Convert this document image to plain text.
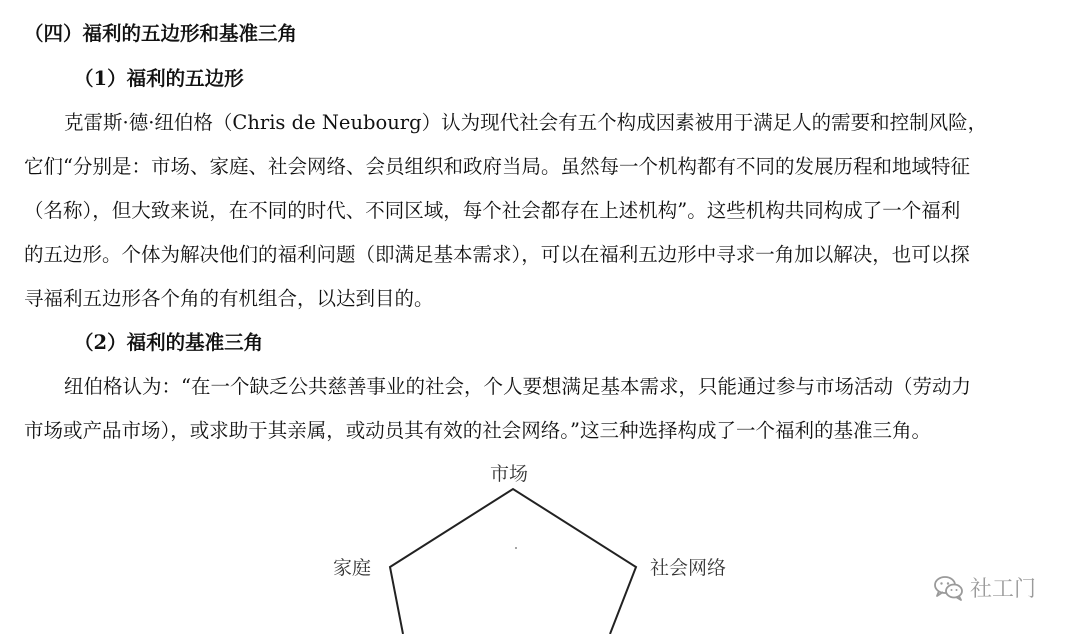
（四）福利的五边形和基准三角
（1）福利的五边形
克雷斯·德·纽伯格（Chris de Neubourg）认为现代社会有五个构成因素被用于满足人的需要和控制风险，
它们“分别是：市场、家庭、社会网络、会员组织和政府当局。虽然每一个机构都有不同的发展历程和地域特征
（名称），但大致来说，在不同的时代、不同区域，每个社会都存在上述机构”。这些机构共同构成了一个福利
的五边形。个体为解决他们的福利问题（即满足基本需求），可以在福利五边形中寻求一角加以解决，也可以探
寻福利五边形各个角的有机组合，以达到目的。
（2）福利的基准三角
纽伯格认为：“在一个缺乏公共慈善事业的社会，个人要想满足基本需求，只能通过参与市场活动（劳动力
市场或产品市场），或求助于其亲属，或动员其有效的社会网络。”这三种选择构成了一个福利的基准三角。
市场
家庭	社会网络
社工门
